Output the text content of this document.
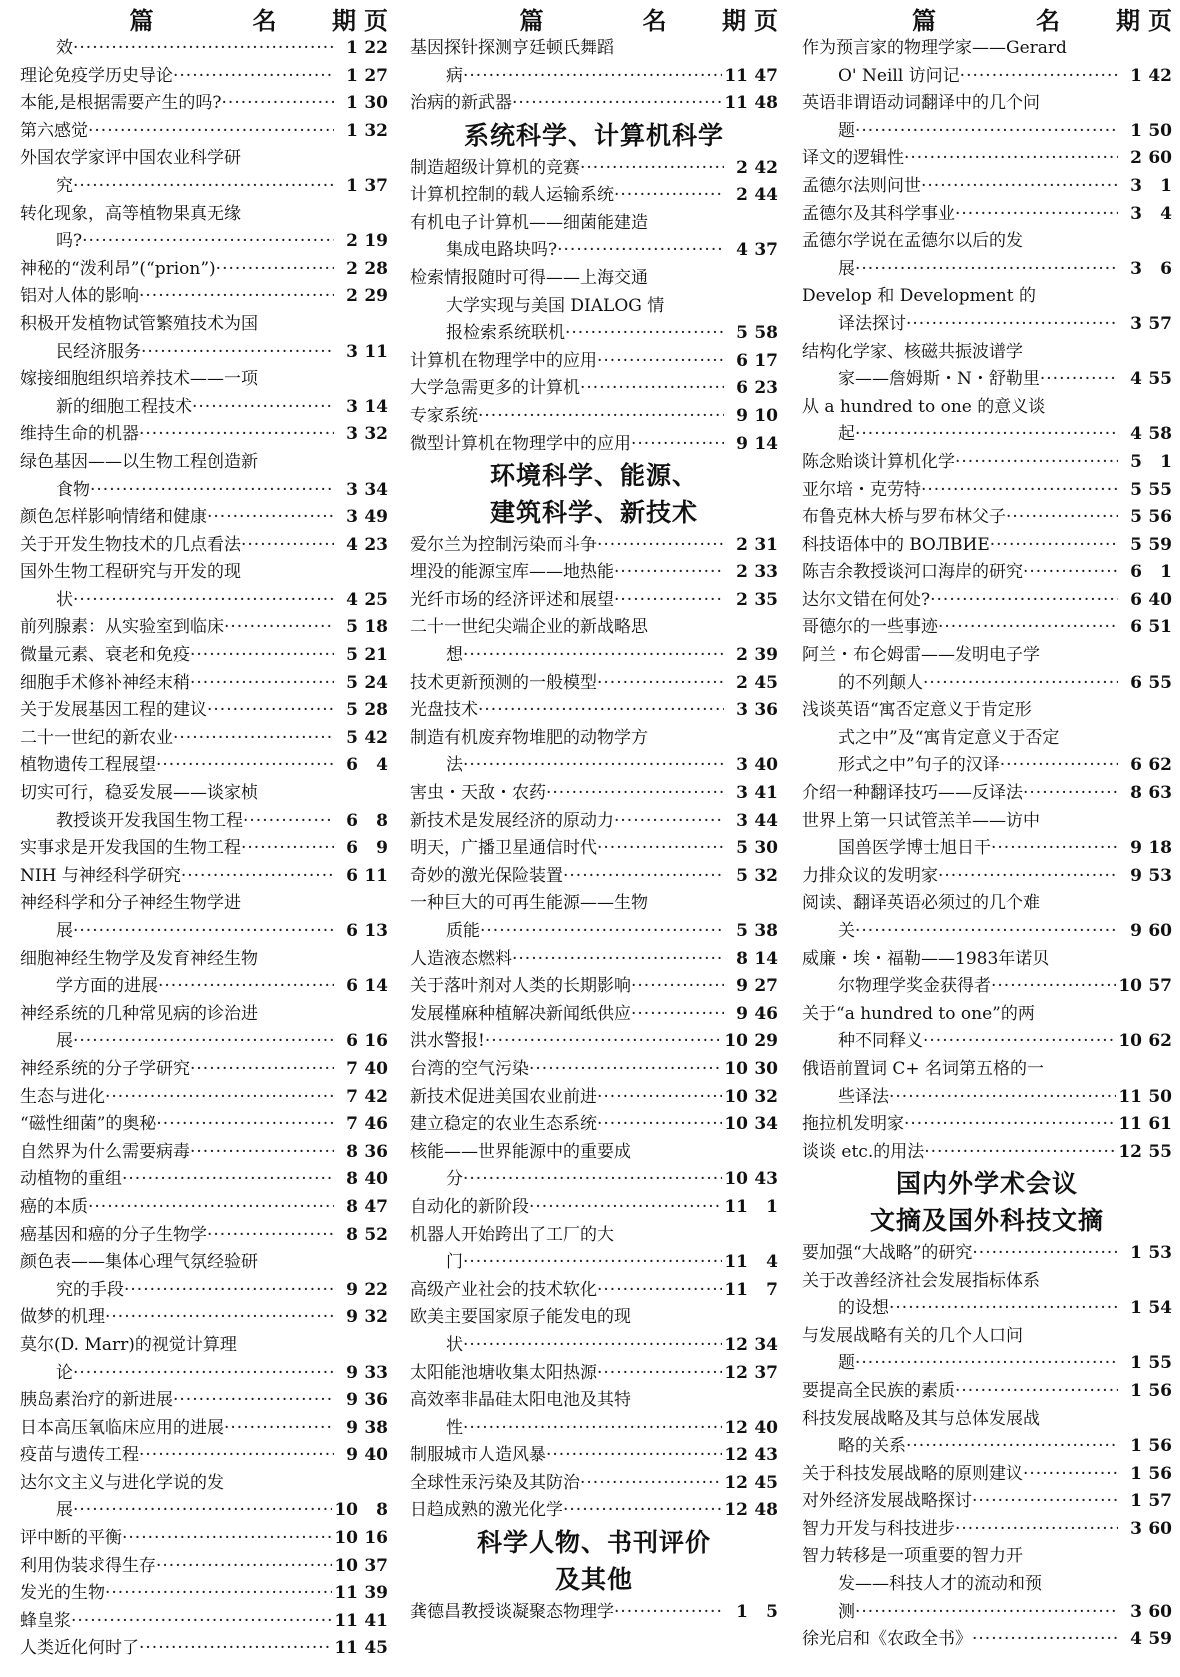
篇	名 期 页
效 ·····	1 22
理论免疫学历史导论 ·····	1 27
本能,是根据需要产生的吗? ·····	1 30
第六感觉 ·····	1 32
外国农学家评中国农业科学研
究 ·····	1 37
转化现象，高等植物果真无缘
吗? ·····	2 19
神秘的“泼利昂”(“prion”) ·····	2 28
铝对人体的影响 ·····	2 29
积极开发植物试管繁殖技术为国
民经济服务 ·····	3 11
嫁接细胞组织培养技术——一项
新的细胞工程技术 ·····	3 14
维持生命的机器 ·····	3 32
绿色基因——以生物工程创造新
食物 ·····	3 34
颜色怎样影响情绪和健康 ·····	3 49
关于开发生物技术的几点看法 ·····	4 23
国外生物工程研究与开发的现
状 ·····	4 25
前列腺素：从实验室到临床 ·····	5 18
微量元素、衰老和免疫 ·····	5 21
细胞手术修补神经末稍 ·····	5 24
关于发展基因工程的建议 ·····	5 28
二十一世纪的新农业 ·····	5 42
植物遗传工程展望 ·····	6 4
切实可行，稳妥发展——谈家桢
教授谈开发我国生物工程 ·····	6 8
实事求是开发我国的生物工程 ·····	6 9
NIH 与神经科学研究 ·····	6 11
神经科学和分子神经生物学进
展 ·····	6 13
细胞神经生物学及发育神经生物
学方面的进展 ·····	6 14
神经系统的几种常见病的诊治进
展 ·····	6 16
神经系统的分子学研究 ·····	7 40
生态与进化 ·····	7 42
“磁性细菌”的奥秘 ·····	7 46
自然界为什么需要病毒 ·····	8 36
动植物的重组 ·····	8 40
癌的本质 ·····	8 47
癌基因和癌的分子生物学 ·····	8 52
颜色表——集体心理气氛经验研
究的手段 ·····	9 22
做梦的机理 ·····	9 32
莫尔(D. Marr)的视觉计算理
论 ·····	9 33
胰岛素治疗的新进展 ·····	9 36
日本高压氧临床应用的进展 ·····	9 38
疫苗与遗传工程 ·····	9 40
达尔文主义与进化学说的发
展 ·····	10 8
评中断的平衡 ·····	10 16
利用伪装求得生存 ·····	10 37
发光的生物 ·····	11 39
蜂皇浆 ·····	11 41
人类近化何时了 ·····	11 45
篇	名 期 页
基因探针探测亨廷顿氏舞蹈
病 ·····	11 47
治病的新武器 ·····	11 48
系统科学、计算机科学
制造超级计算机的竞赛 ·····	2 42
计算机控制的载人运输系统 ·····	2 44
有机电子计算机——细菌能建造
集成电路块吗? ·····	4 37
检索情报随时可得——上海交通
大学实现与美国 DIALOG 情
报检索系统联机 ·····	5 58
计算机在物理学中的应用 ·····	6 17
大学急需更多的计算机 ·····	6 23
专家系统 ·····	9 10
微型计算机在物理学中的应用 ·····	9 14
环境科学、能源、
建筑科学、新技术
爱尔兰为控制污染而斗争 ·····	2 31
埋没的能源宝库——地热能 ·····	2 33
光纤市场的经济评述和展望 ·····	2 35
二十一世纪尖端企业的新战略思
想 ·····	2 39
技术更新预测的一般模型 ·····	2 45
光盘技术 ·····	3 36
制造有机废弃物堆肥的动物学方
法 ·····	3 40
害虫・天敌・农药 ·····	3 41
新技术是发展经济的原动力 ·····	3 44
明天，广播卫星通信时代 ·····	5 30
奇妙的激光保险装置 ·····	5 32
一种巨大的可再生能源——生物
质能 ·····	5 38
人造液态燃料 ·····	8 14
关于落叶剂对人类的长期影响 ·····	9 27
发展槿麻种植解决新闻纸供应 ·····	9 46
洪水警报! ·····	10 29
台湾的空气污染 ·····	10 30
新技术促进美国农业前进 ·····	10 32
建立稳定的农业生态系统 ·····	10 34
核能——世界能源中的重要成
分 ·····	10 43
自动化的新阶段 ·····	11 1
机器人开始跨出了工厂的大
门 ·····	11 4
高级产业社会的技术软化 ·····	11 7
欧美主要国家原子能发电的现
状 ·····	12 34
太阳能池塘收集太阳热源 ·····	12 37
高效率非晶硅太阳电池及其特
性 ·····	12 40
制服城市人造风暴 ·····	12 43
全球性汞污染及其防治 ·····	12 45
日趋成熟的激光化学 ·····	12 48
科学人物、书刊评价
及其他
龚德昌教授谈凝聚态物理学 ·····	1 5
篇	名 期 页
作为预言家的物理学家——Gerard
O' Neill 访问记 ·····	1 42
英语非谓语动词翻译中的几个问
题 ·····	1 50
译文的逻辑性 ·····	2 60
孟德尔法则问世 ·····	3 1
孟德尔及其科学事业 ·····	3 4
孟德尔学说在孟德尔以后的发
展 ·····	3 6
Develop 和 Development 的
译法探讨 ·····	3 57
结构化学家、核磁共振波谱学
家——詹姆斯・N・舒勒里 ·····	4 55
从 a hundred to one 的意义谈
起 ·····	4 58
陈念贻谈计算机化学 ·····	5 1
亚尔培・克劳特 ·····	5 55
布鲁克林大桥与罗布林父子 ·····	5 56
科技语体中的 ВОЛВИЕ ·····	5 59
陈吉余教授谈河口海岸的研究 ·····	6 1
达尔文错在何处? ·····	6 40
哥德尔的一些事迹 ·····	6 51
阿兰・布仑姆雷——发明电子学
的不列颠人 ·····	6 55
浅谈英语“寓否定意义于肯定形
式之中”及“寓肯定意义于否定
形式之中”句子的汉译 ·····	6 62
介绍一种翻译技巧——反译法 ·····	8 63
世界上第一只试管羔羊——访中
国兽医学博士旭日干 ·····	9 18
力排众议的发明家 ·····	9 53
阅读、翻译英语必须过的几个难
关 ·····	9 60
威廉・埃・福勒——1983年诺贝
尔物理学奖金获得者 ·····	10 57
关于“a hundred to one”的两
种不同释义 ·····	10 62
俄语前置词 C+ 名词第五格的一
些译法 ·····	11 50
拖拉机发明家 ·····	11 61
谈谈 etc.的用法 ·····	12 55
国内外学术会议
文摘及国外科技文摘
要加强“大战略”的研究 ·····	1 53
关于改善经济社会发展指标体系
的设想 ·····	1 54
与发展战略有关的几个人口问
题 ·····	1 55
要提高全民族的素质 ·····	1 56
科技发展战略及其与总体发展战
略的关系 ·····	1 56
关于科技发展战略的原则建议 ·····	1 56
对外经济发展战略探讨 ·····	1 57
智力开发与科技进步 ·····	3 60
智力转移是一项重要的智力开
发——科技人才的流动和预
测 ·····	3 60
徐光启和《农政全书》 ·····	4 59
